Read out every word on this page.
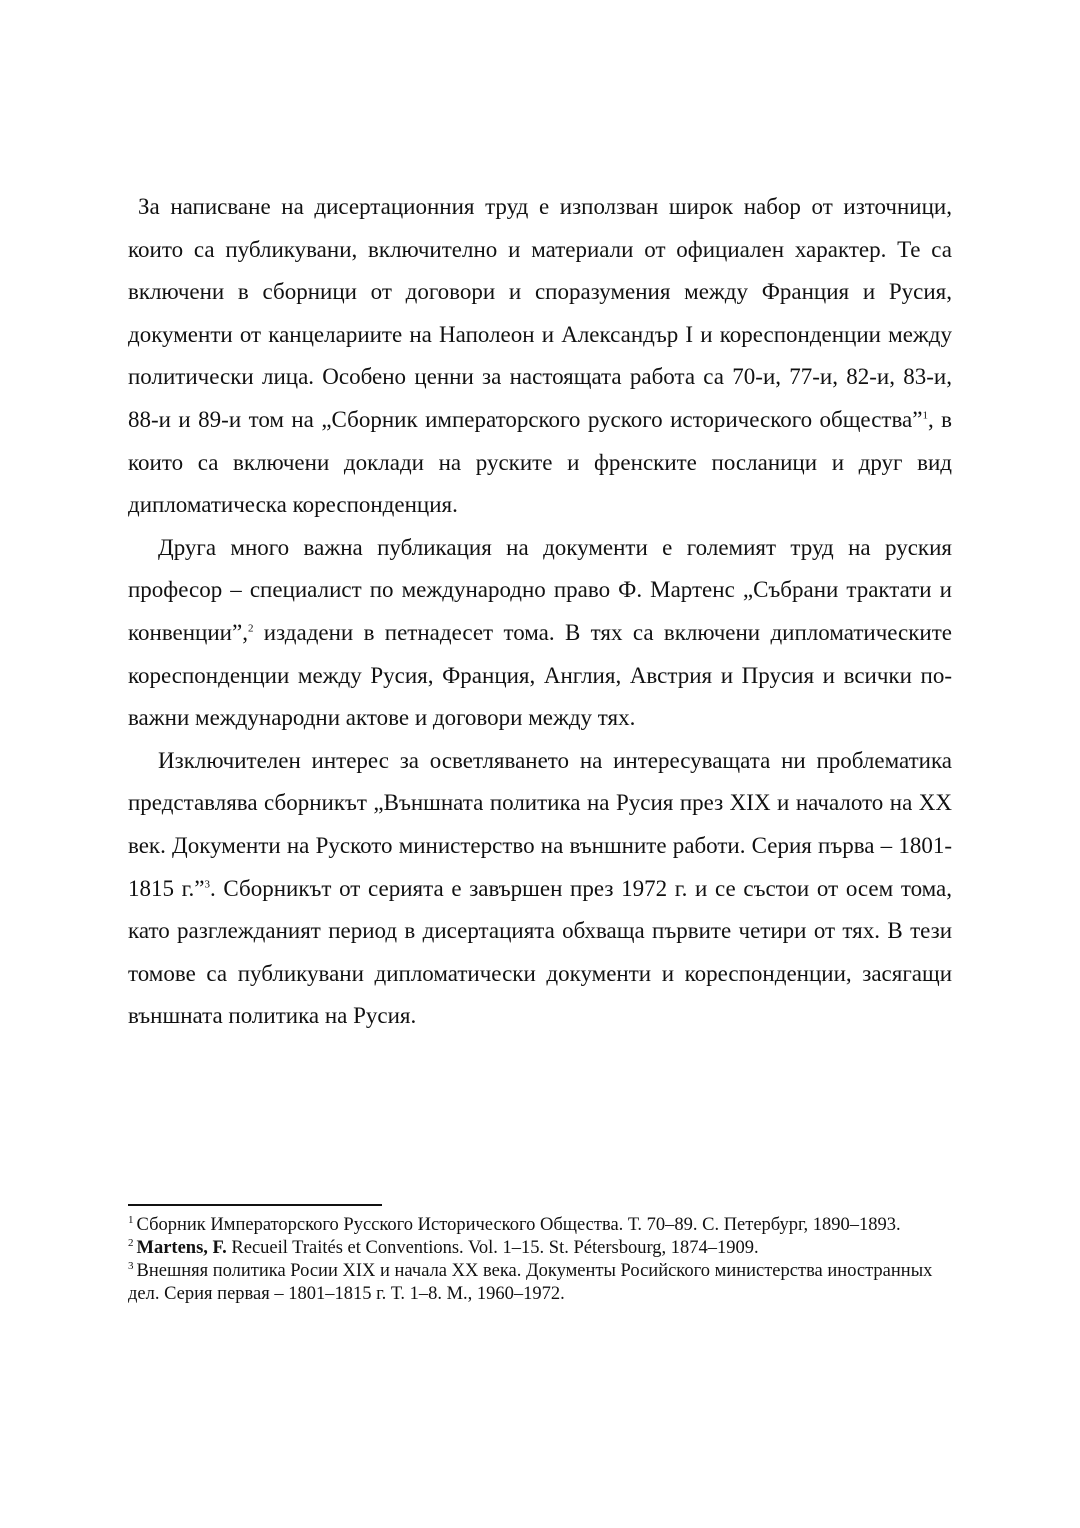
За написване на дисертационния труд е използван широк набор от източници, които са публикувани, включително и материали от официален характер. Те са включени в сборници от договори и споразумения между Франция и Русия, документи от канцелариите на Наполеон и Александър I и кореспонденции между политически лица. Особено ценни за настоящата работа са 70-и, 77-и, 82-и, 83-и, 88-и и 89-и том на „Сборник императорского руского исторического общества”$^1$, в които са включени доклади на руските и френските посланици и друг вид дипломатическа кореспонденция.

Друга много важна публикация на документи е големият труд на руския професор – специалист по международно право Ф. Мартенс „Събрани трактати и конвенции”,$^2$ издадени в петнадесет тома. В тях са включени дипломатическите кореспонденции между Русия, Франция, Англия, Австрия и Прусия и всички по-важни международни актове и договори между тях.

Изключителен интерес за осветляването на интересуващата ни проблематика представлява сборникът „Външната политика на Русия през XIX и началото на XX век. Документи на Руското министерство на външните работи. Серия първа – 1801-1815 г.”$^3$. Сборникът от серията е завършен през 1972 г. и се състои от осем тома, като разглежданият период в дисертацията обхваща първите четири от тях. В тези томове са публикувани дипломатически документи и кореспонденции, засягащи външната политика на Русия.

$^1$ Сборник Императорского Русского Исторического Общества. Т. 70–89. С. Петербург, 1890–1893.

$^2$ Martens, F. Recueil Traités et Conventions. Vol. 1–15. St. Pétersbourg, 1874–1909.

$^3$ Внешняя политика Росии XIX и начала XX века. Документы Росийского министерства иностранных дел. Серия первая – 1801–1815 г. Т. 1–8. М., 1960–1972.
